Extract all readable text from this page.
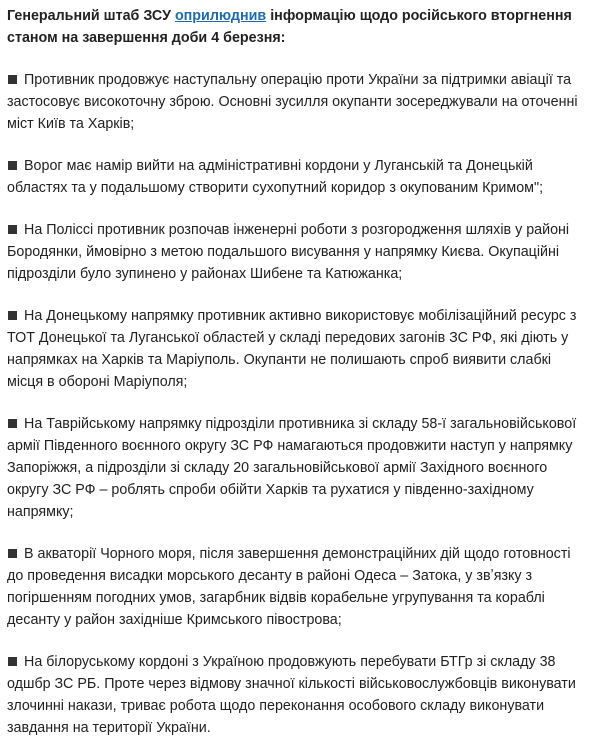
Генеральний штаб ЗСУ оприлюднив інформацію щодо російського вторгнення станом на завершення доби 4 березня:

Противник продовжує наступальну операцію проти України за підтримки авіації та застосовує високоточну зброю. Основні зусилля окупанти зосереджували на оточенні міст Київ та Харків;

Ворог має намір вийти на адміністративні кордони у Луганській та Донецькій областях та у подальшому створити сухопутний коридор з окупованим Кримом";

На Поліссі противник розпочав інженерні роботи з розгородження шляхів у районі Бородянки, ймовірно з метою подальшого висування у напрямку Києва. Окупаційні підрозділи було зупинено у районах Шибене та Катюжанка;

На Донецькому напрямку противник активно використовує мобілізаційний ресурс з ТОТ Донецької та Луганської областей у складі передових загонів ЗС РФ, які діють у напрямках на Харків та Маріуполь. Окупанти не полишають спроб виявити слабкі місця в обороні Маріуполя;

На Таврійському напрямку підрозділи противника зі складу 58-ї загальновійськової армії Південного воєнного округу ЗС РФ намагаються продовжити наступ у напрямку Запоріжжя, а підрозділи зі складу 20 загальновійськової армії Західного воєнного округу ЗС РФ – роблять спроби обійти Харків та рухатися у південно-західному напрямку;

В акваторії Чорного моря, після завершення демонстраційних дій щодо готовності до проведення висадки морського десанту в районі Одеса – Затока, у звʼязку з погіршенням погодних умов, загарбник відвів корабельне угрупування та кораблі десанту у район західніше Кримського півострова;

На білоруському кордоні з Україною продовжують перебувати БТГр зі складу 38 одшбр ЗС РБ. Проте через відмову значної кількості військовослужбовців виконувати злочинні накази, триває робота щодо переконання особового складу виконувати завдання на території України.
